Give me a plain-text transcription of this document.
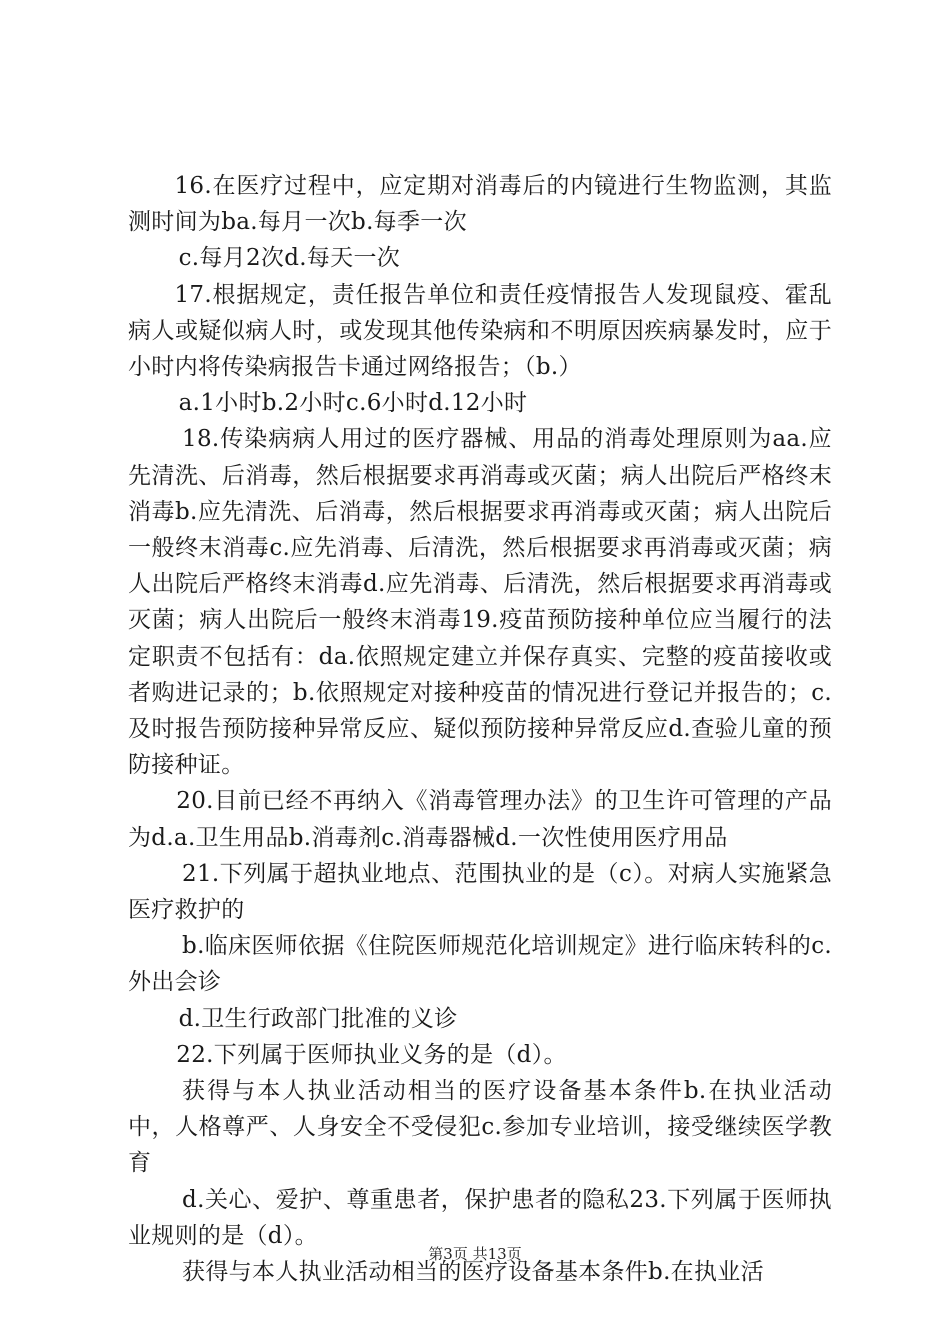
16.在医疗过程中，应定期对消毒后的内镜进行生物监测，其监测时间为ba.每月一次b.每季一次

c.每月2次d.每天一次

17.根据规定，责任报告单位和责任疫情报告人发现鼠疫、霍乱病人或疑似病人时，或发现其他传染病和不明原因疾病暴发时，应于小时内将传染病报告卡通过网络报告；（b.）

a.1小时b.2小时c.6小时d.12小时

18.传染病病人用过的医疗器械、用品的消毒处理原则为aa.应先清洗、后消毒，然后根据要求再消毒或灭菌；病人出院后严格终末消毒b.应先清洗、后消毒，然后根据要求再消毒或灭菌；病人出院后一般终末消毒c.应先消毒、后清洗，然后根据要求再消毒或灭菌；病人出院后严格终末消毒d.应先消毒、后清洗，然后根据要求再消毒或灭菌；病人出院后一般终末消毒19.疫苗预防接种单位应当履行的法定职责不包括有：da.依照规定建立并保存真实、完整的疫苗接收或者购进记录的；b.依照规定对接种疫苗的情况进行登记并报告的；c.及时报告预防接种异常反应、疑似预防接种异常反应d.查验儿童的预防接种证。

20.目前已经不再纳入《消毒管理办法》的卫生许可管理的产品为d.a.卫生用品b.消毒剂c.消毒器械d.一次性使用医疗用品

21.下列属于超执业地点、范围执业的是（c）。对病人实施紧急医疗救护的

b.临床医师依据《住院医师规范化培训规定》进行临床转科的c.外出会诊

d.卫生行政部门批准的义诊

22.下列属于医师执业义务的是（d）。

获得与本人执业活动相当的医疗设备基本条件b.在执业活动中，人格尊严、人身安全不受侵犯c.参加专业培训，接受继续医学教育

d.关心、爱护、尊重患者，保护患者的隐私23.下列属于医师执业规则的是（d）。

获得与本人执业活动相当的医疗设备基本条件b.在执业活

第3页 共13页
